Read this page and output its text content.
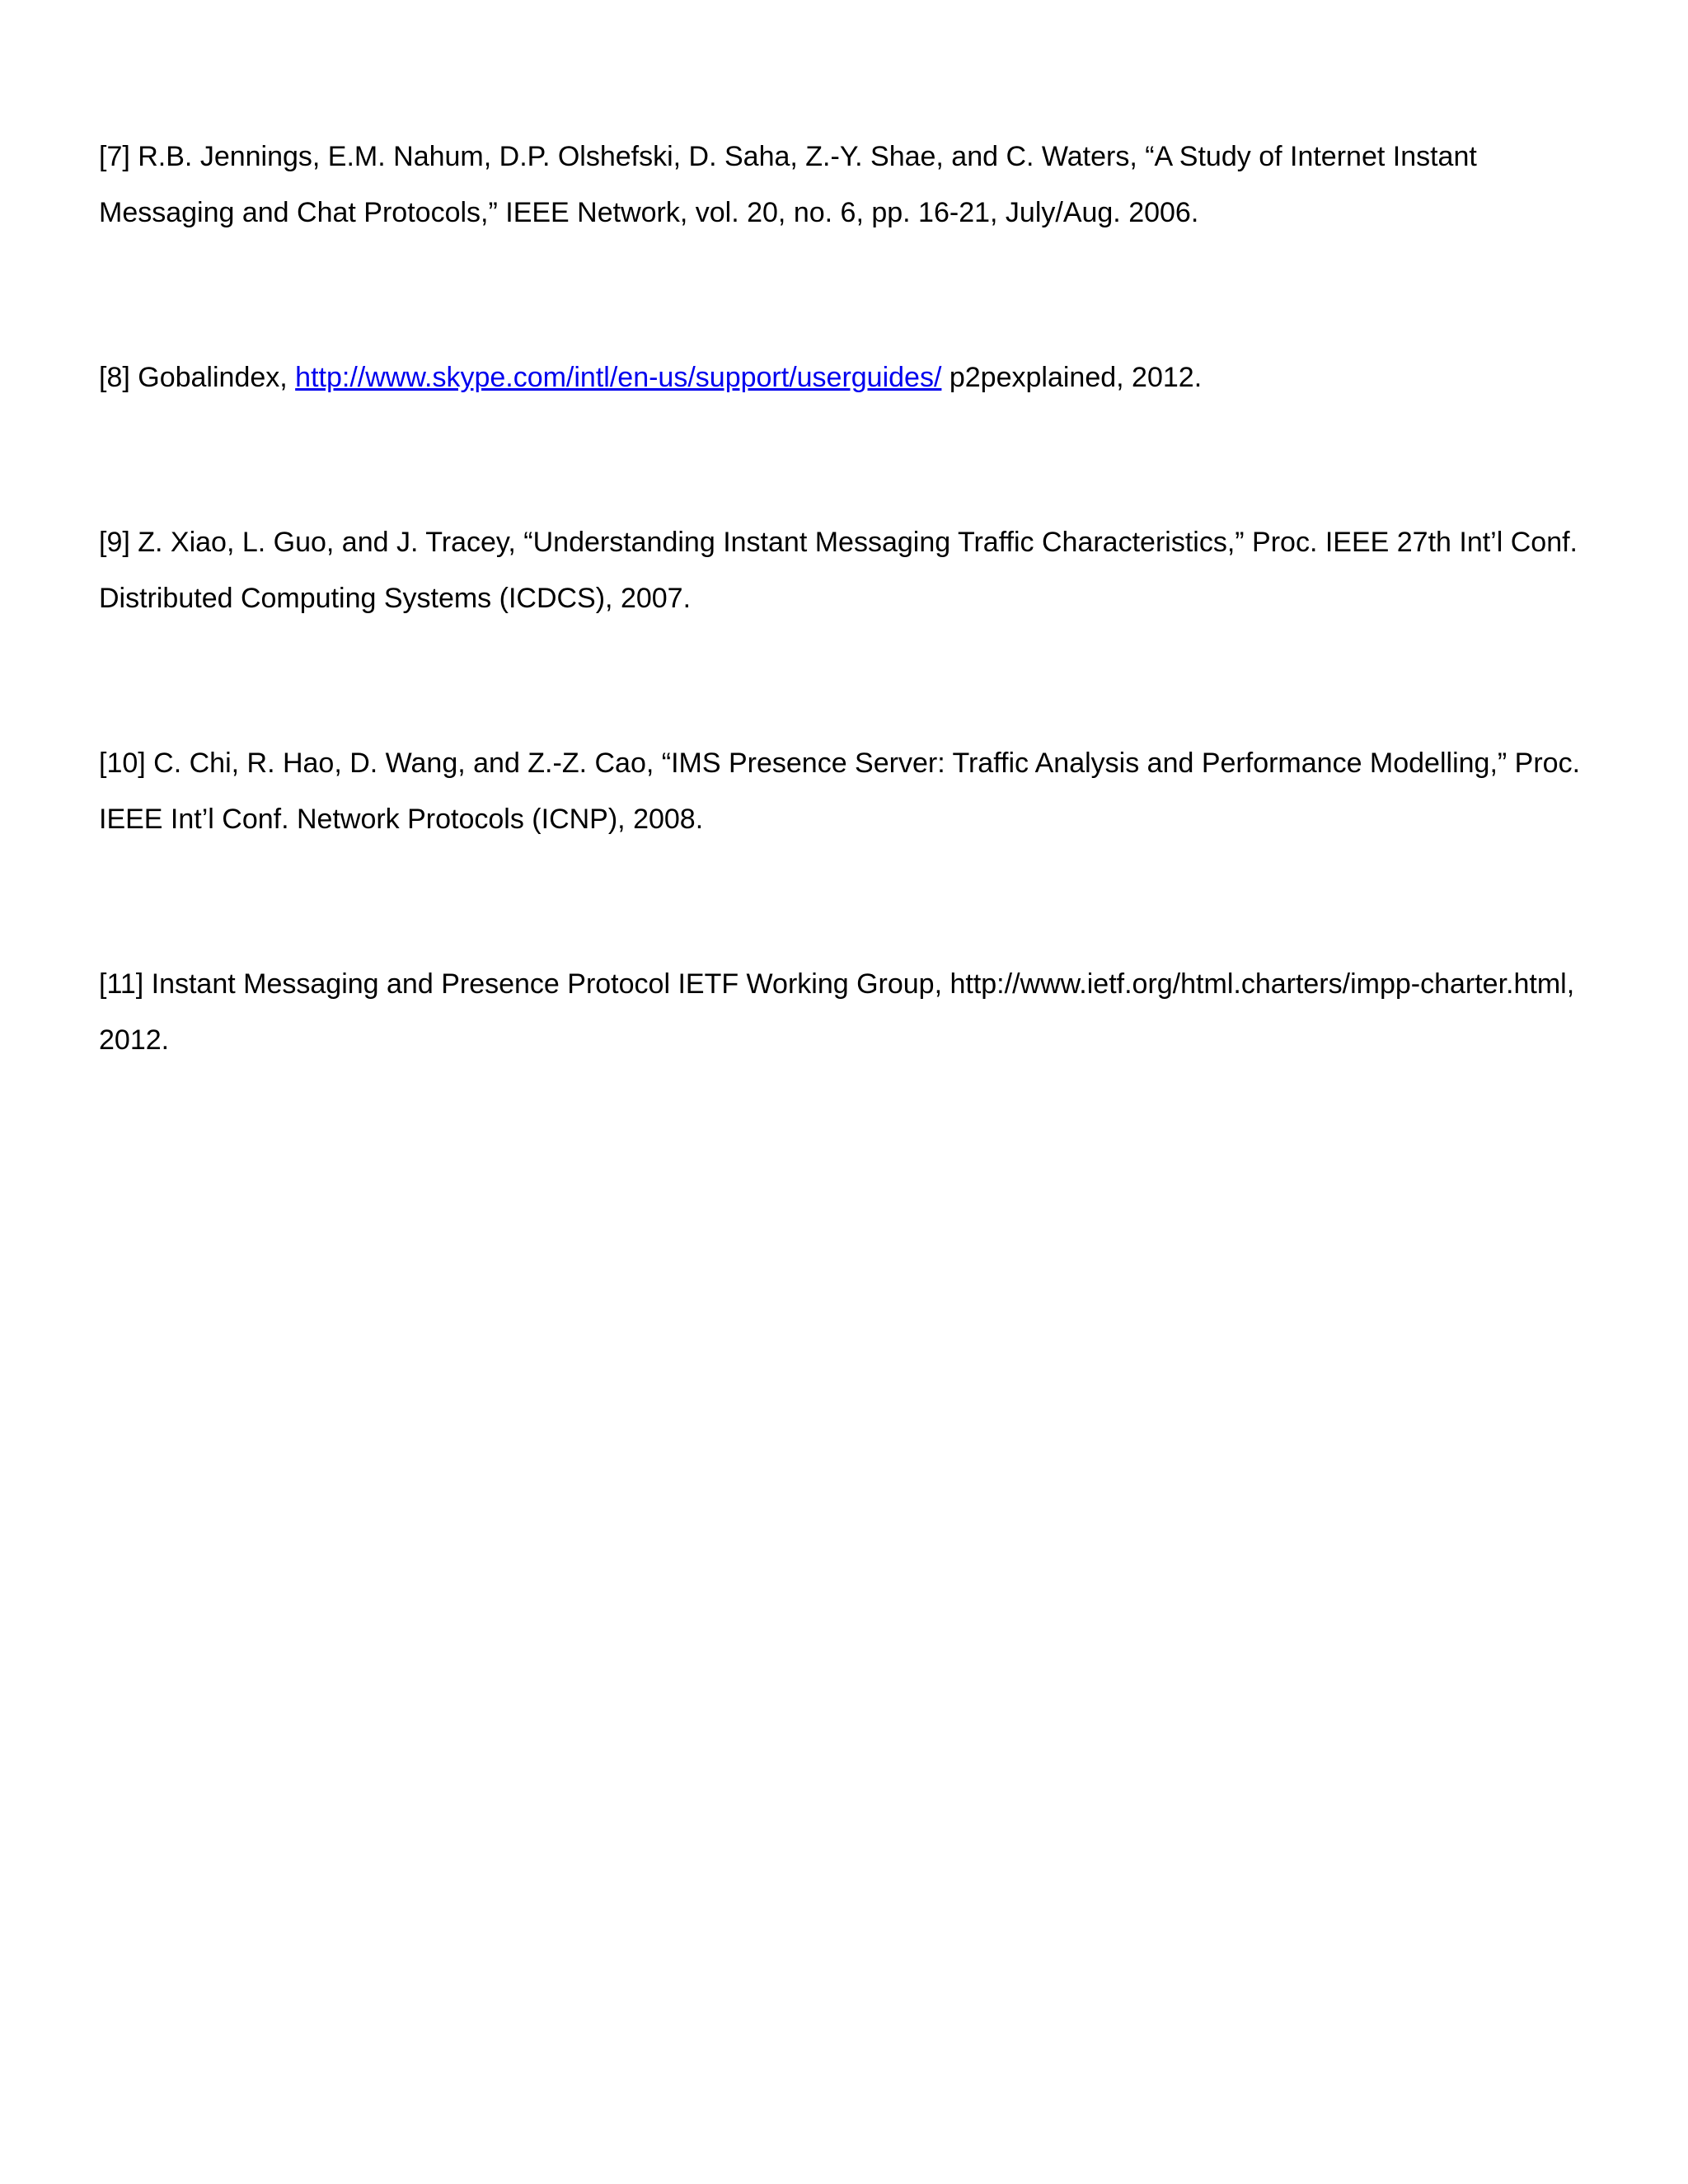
[7] R.B. Jennings, E.M. Nahum, D.P. Olshefski, D. Saha, Z.-Y. Shae, and C. Waters, “A Study of Internet Instant Messaging and Chat Protocols,” IEEE Network, vol. 20, no. 6, pp. 16-21, July/Aug. 2006.

[8] Gobalindex, http://www.skype.com/intl/en-us/support/userguides/ p2pexplained, 2012.

[9] Z. Xiao, L. Guo, and J. Tracey, “Understanding Instant Messaging Traffic Characteristics,” Proc. IEEE 27th Int’l Conf. Distributed Computing Systems (ICDCS), 2007.

[10] C. Chi, R. Hao, D. Wang, and Z.-Z. Cao, “IMS Presence Server: Traffic Analysis and Performance Modelling,” Proc. IEEE Int’l Conf. Network Protocols (ICNP), 2008.

[11] Instant Messaging and Presence Protocol IETF Working Group, http://www.ietf.org/html.charters/impp-charter.html, 2012.
